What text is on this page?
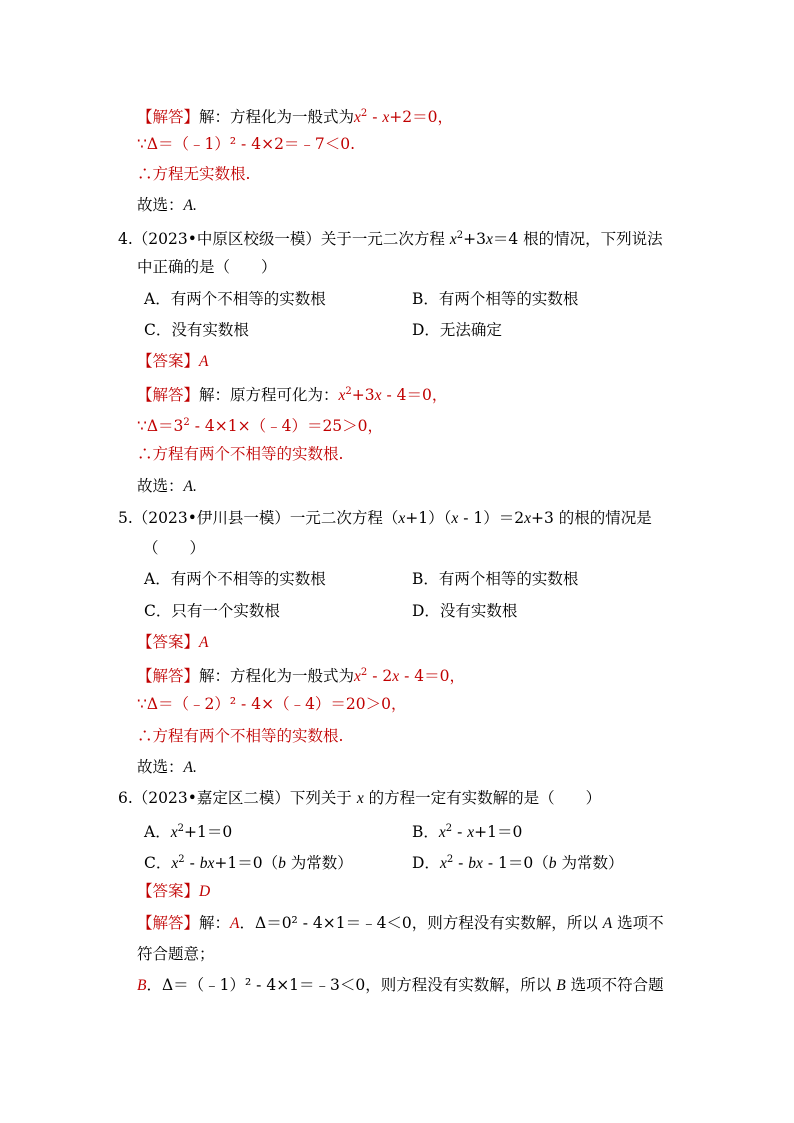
【解答】解：方程化为一般式为$x^2 - x+2=0$，
∵Δ＝（﹣1）² - 4×2＝﹣7＜0.
∴方程无实数根.
故选：A.
4.（2023•中原区校级一模）关于一元二次方程 $x^2+3x=4$ 根的情况，下列说法
中正确的是（　　）
A．有两个不相等的实数根	B．有两个相等的实数根
C．没有实数根	D．无法确定
【答案】A
【解答】解：原方程可化为：$x^2+3x - 4=0$，
$\because\Delta=3^2$ - 4×1×（﹣4）＝25＞0，
∴方程有两个不相等的实数根.
故选：A.
5.（2023•伊川县一模）一元二次方程（x+1）（x - 1）＝2x+3 的根的情况是
（　　）
A．有两个不相等的实数根	B．有两个相等的实数根
C．只有一个实数根	D．没有实数根
【答案】A
【解答】解：方程化为一般式为$x^2 - 2x - 4=0$，
∵Δ＝（﹣2）² - 4×（﹣4）＝20＞0，
∴方程有两个不相等的实数根.
故选：A.
6.（2023•嘉定区二模）下列关于 x 的方程一定有实数解的是（　　）
A．$x^2+1=0$	B．$x^2 - x+1=0$
C．$x^2 - bx+1=0(b$ 为常数）	D．$x^2$ - bx - 1＝0（b 为常数）
【答案】D
【解答】解：A．Δ＝0² - 4×1＝﹣4＜0，则方程没有实数解，所以 A 选项不
符合题意；
B．Δ＝（﹣1）² - 4×1＝﹣3＜0，则方程没有实数解，所以 B 选项不符合题
